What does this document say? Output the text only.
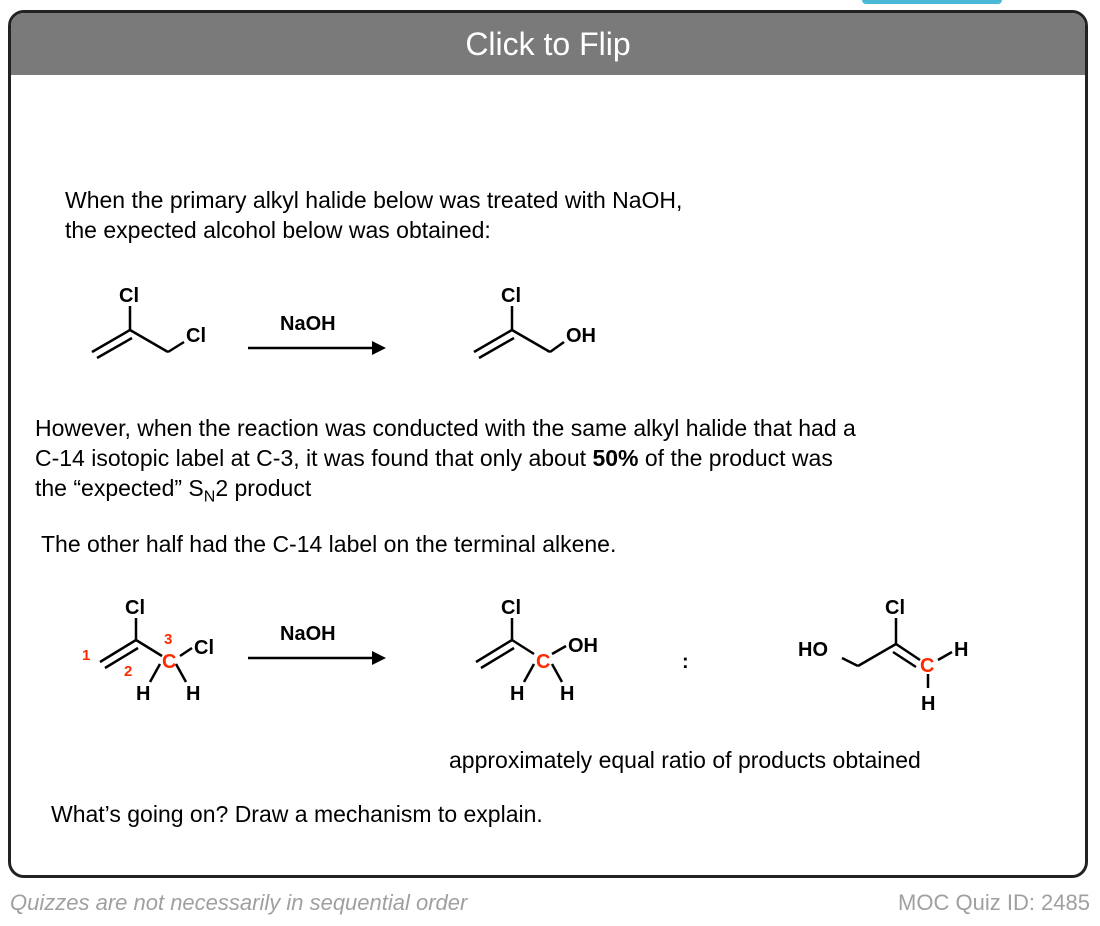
Click to Flip
When the primary alkyl halide below was treated with NaOH,
the expected alcohol below was obtained:
However, when the reaction was conducted with the same alkyl halide that had a
C-14 isotopic label at C-3, it was found that only about 50% of the product was
the “expected” $S_N2$ product
The other half had the C-14 label on the terminal alkene.
approximately equal ratio of products obtained
What’s going on? Draw a mechanism to explain.
Cl
Cl
NaOH
Cl
OH
Cl
Cl
H H
NaOH
Cl
OH
H H
:
HO
Cl
H
H
1
2
3
C	C	C
Quizzes are not necessarily in sequential order	MOC Quiz ID: 2485
